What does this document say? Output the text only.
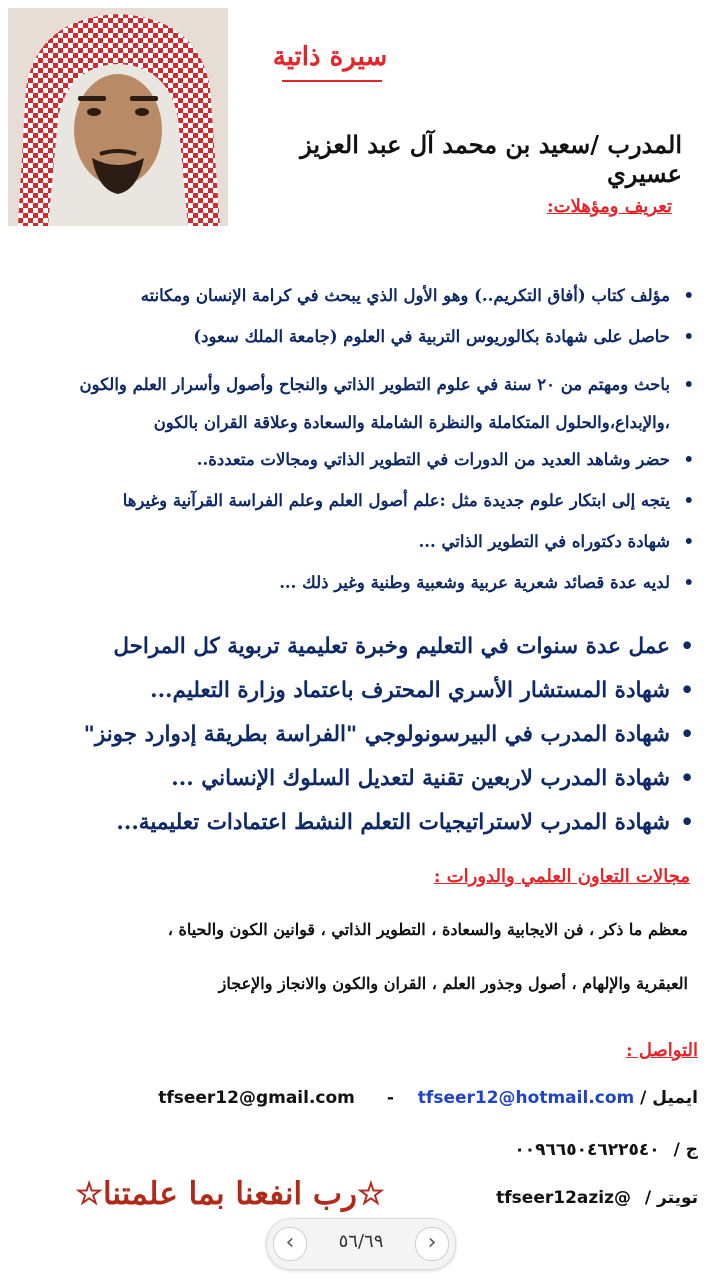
سيرة ذاتية
المدرب /سعيد بن محمد آل عبد العزيز عسيري
تعريف ومؤهلات:
•
مؤلف كتاب (أفاق التكريم..) وهو الأول الذي يبحث في كرامة الإنسان ومكانته
•
حاصل على شهادة بكالوريوس التربية في العلوم (جامعة الملك سعود)
•
باحث ومهتم من ٢٠ سنة في علوم التطوير الذاتي والنجاح وأصول وأسرار العلم والكون ،والإبداع،والحلول المتكاملة والنظرة الشاملة والسعادة وعلاقة القران بالكون
•
حضر وشاهد العديد من الدورات في التطوير الذاتي ومجالات متعددة..
•
يتجه إلى ابتكار علوم جديدة مثل :علم أصول العلم وعلم الفراسة القرآنية وغيرها
•
شهادة دكتوراه في التطوير الذاتي ...
•
لديه عدة قصائد شعرية عربية وشعبية وطنية وغير ذلك ...
•
عمل عدة سنوات في التعليم وخبرة تعليمية تربوية كل المراحل
•
شهادة المستشار الأسري المحترف باعتماد وزارة التعليم...
•
شهادة المدرب في البيرسونولوجي "الفراسة بطريقة إدوارد جونز"
•
شهادة المدرب لاربعين تقنية لتعديل السلوك الإنساني ...
•
شهادة المدرب لاستراتيجيات التعلم النشط اعتمادات تعليمية...
مجالات التعاون العلمي والدورات :
معظم ما ذكر ، فن الايجابية والسعادة ، التطوير الذاتي ، قوانين الكون والحياة ،
العبقرية والإلهام ، أصول وجذور العلم ، القران والكون والانجاز والإعجاز
التواصل :
ايميل / tfseer12@gmail.com - tfseer12@hotmail.com
ج / ٠٠٩٦٦٥٠٤٦٢٢٥٤٠
تويتر / @tfseer12aziz
☆رب انفعنا بما علمتنا☆
‹	٥٦/٦٩	›
